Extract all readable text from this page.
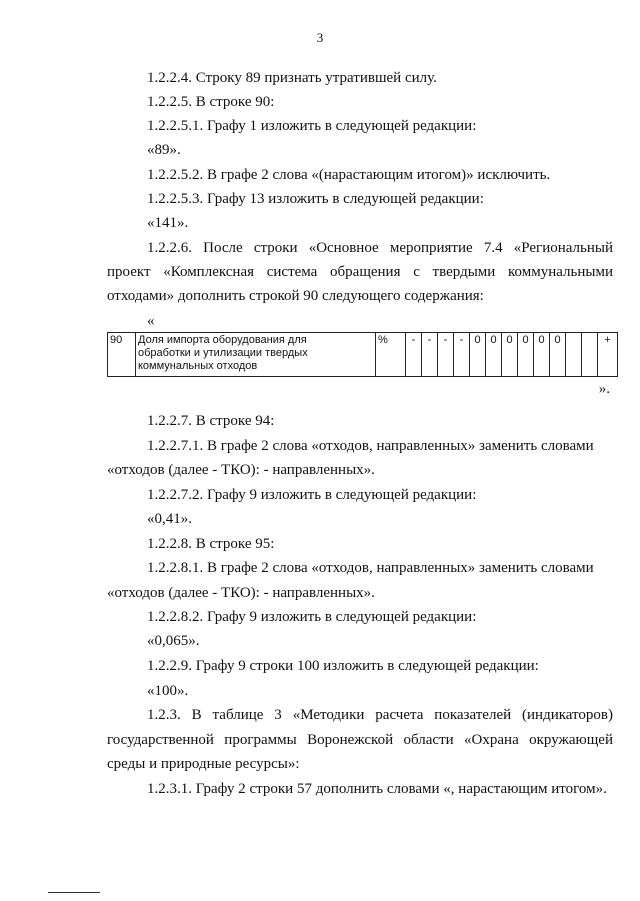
3
1.2.2.4. Строку 89 признать утратившей силу.
1.2.2.5. В строке 90:
1.2.2.5.1. Графу 1 изложить в следующей редакции:
«89».
1.2.2.5.2. В графе 2 слова «(нарастающим итогом)» исключить.
1.2.2.5.3. Графу 13 изложить в следующей редакции:
«141».
1.2.2.6. После строки «Основное мероприятие 7.4 «Региональный
проект «Комплексная система обращения с твердыми коммунальными
отходами» дополнить строкой 90 следующего содержания:
«
90	Доля импорта оборудования для
обработки и утилизации твердых
коммунальных отходов
	%	-	-	-	-	0	0	0	0	0	0			+
».
1.2.2.7. В строке 94:
1.2.2.7.1. В графе 2 слова «отходов, направленных» заменить словами
«отходов (далее - ТКО): - направленных».
1.2.2.7.2. Графу 9 изложить в следующей редакции:
«0,41».
1.2.2.8. В строке 95:
1.2.2.8.1. В графе 2 слова «отходов, направленных» заменить словами
«отходов (далее - ТКО): - направленных».
1.2.2.8.2. Графу 9 изложить в следующей редакции:
«0,065».
1.2.2.9. Графу 9 строки 100 изложить в следующей редакции:
«100».
1.2.3. В таблице 3 «Методики расчета показателей (индикаторов)
государственной программы Воронежской области «Охрана окружающей
среды и природные ресурсы»:
1.2.3.1. Графу 2 строки 57 дополнить словами «, нарастающим итогом».
